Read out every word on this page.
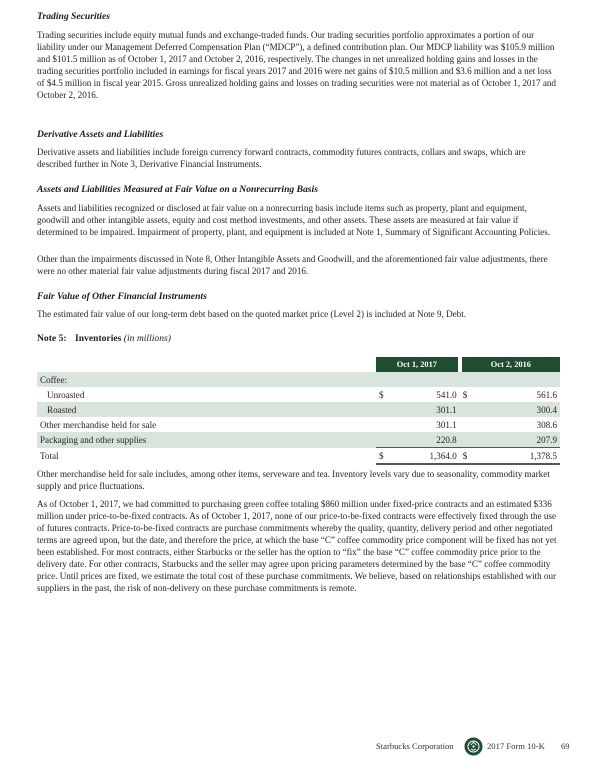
Trading Securities

Trading securities include equity mutual funds and exchange-traded funds. Our trading securities portfolio approximates a portion of our liability under our Management Deferred Compensation Plan (“MDCP”), a defined contribution plan. Our MDCP liability was $105.9 million and $101.5 million as of October 1, 2017 and October 2, 2016, respectively. The changes in net unrealized holding gains and losses in the trading securities portfolio included in earnings for fiscal years 2017 and 2016 were net gains of $10.5 million and $3.6 million and a net loss of $4.5 million in fiscal year 2015. Gross unrealized holding gains and losses on trading securities were not material as of October 1, 2017 and October 2, 2016.

Derivative Assets and Liabilities

Derivative assets and liabilities include foreign currency forward contracts, commodity futures contracts, collars and swaps, which are described further in Note 3, Derivative Financial Instruments.

Assets and Liabilities Measured at Fair Value on a Nonrecurring Basis

Assets and liabilities recognized or disclosed at fair value on a nonrecurring basis include items such as property, plant and equipment, goodwill and other intangible assets, equity and cost method investments, and other assets. These assets are measured at fair value if determined to be impaired. Impairment of property, plant, and equipment is included at Note 1, Summary of Significant Accounting Policies.

Other than the impairments discussed in Note 8, Other Intangible Assets and Goodwill, and the aforementioned fair value adjustments, there were no other material fair value adjustments during fiscal 2017 and 2016.

Fair Value of Other Financial Instruments

The estimated fair value of our long-term debt based on the quoted market price (Level 2) is included at Note 9, Debt.

Note 5: Inventories (in millions)
	Oct 1, 2017		Oct 2, 2016	
Coffee:				
Unroasted	$	541.0	$	561.6
Roasted		301.1		300.4
Other merchandise held for sale		301.1		308.6
Packaging and other supplies		220.8		207.9
Total	$	1,364.0	$	1,378.5

Other merchandise held for sale includes, among other items, serveware and tea. Inventory levels vary due to seasonality, commodity market supply and price fluctuations.

As of October 1, 2017, we had committed to purchasing green coffee totaling $860 million under fixed-price contracts and an estimated $336 million under price-to-be-fixed contracts. As of October 1, 2017, none of our price-to-be-fixed contracts were effectively fixed through the use of futures contracts. Price-to-be-fixed contracts are purchase commitments whereby the quality, quantity, delivery period and other negotiated terms are agreed upon, but the date, and therefore the price, at which the base “C” coffee commodity price component will be fixed has not yet been established. For most contracts, either Starbucks or the seller has the option to “fix” the base “C” coffee commodity price prior to the delivery date. For other contracts, Starbucks and the seller may agree upon pricing parameters determined by the base “C” coffee commodity price. Until prices are fixed, we estimate the total cost of these purchase commitments. We believe, based on relationships established with our suppliers in the past, the risk of non-delivery on these purchase commitments is remote.

Starbucks Corporation	2017 Form 10-K 69
